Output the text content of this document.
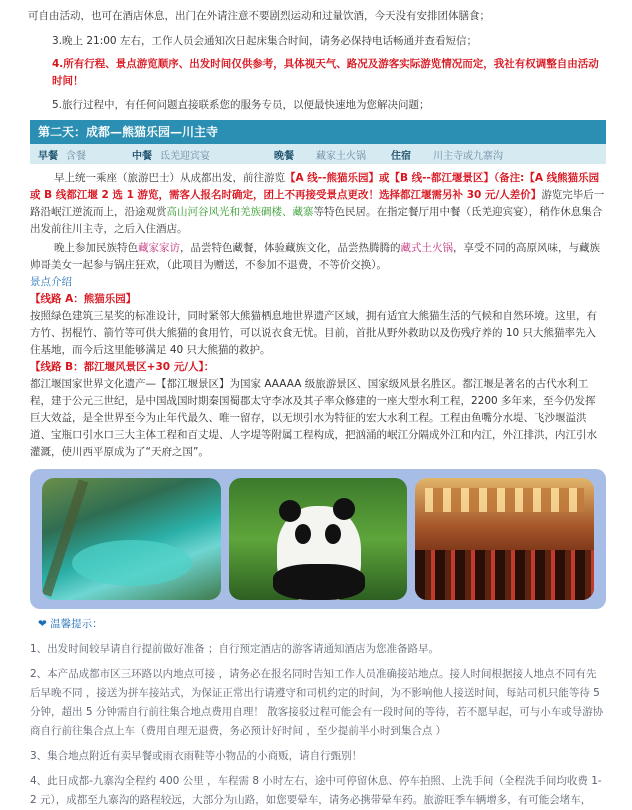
可自由活动，也可在酒店休息，出门在外请注意不要剧烈运动和过量饮酒，今天没有安排团体膳食；

3.晚上 21:00 左右，工作人员会通知次日起床集合时间，请务必保持电话畅通并查看短信；

4.所有行程、景点游览顺序、出发时间仅供参考，具体视天气、路况及游客实际游览情况而定，我社有权调整自由活动时间！

5.旅行过程中，有任何问题直接联系您的服务专员，以便最快速地为您解决问题；

第二天：成都—熊猫乐园—川主寺
早餐 含餐	中餐 氐羌迎宾宴	晚餐 藏家土火锅	住宿 川主寺或九寨沟

早上统一乘座（旅游巴士）从成都出发，前往游览【A 线--熊猫乐园】或【B 线--都江堰景区】（备注:【A 线熊猫乐园或 B 线都江堰 2 选 1 游览，需客人报名时确定，团上不再接受景点更改！选择都江堰需另补 30 元/人差价】游览完毕后一路沿岷江逆流而上，沿途观赏高山河谷风光和羌族碉楼、藏寨等特色民居。在指定餐厅用中餐（氐羌迎宾宴），稍作休息集合出发前往川主寺，之后入住酒店。

晚上参加民族特色藏家家访，品尝特色藏餐，体验藏族文化，品尝热腾腾的藏式土火锅，享受不同的高原风味，与藏族帅哥美女一起参与锅庄狂欢，（此项目为赠送，不参加不退费，不等价交换）。

景点介绍

【线路 A：熊猫乐园】

按照绿色建筑三星奖的标准设计，同时紧邻大熊猫栖息地世界遗产区域，拥有适宜大熊猫生活的气候和自然环境。这里，有方竹、拐棍竹、箭竹等可供大熊猫的食用竹，可以说衣食无忧。目前，首批从野外救助以及伤残疗养的 10 只大熊猫率先入住基地，而今后这里能够满足 40 只大熊猫的救护。

【线路 B：都江堰风景区+30 元/人】：

都江堰国家世界文化遗产—【都江堰景区】为国家 AAAAA 级旅游景区、国家级风景名胜区。都江堰是著名的古代水利工程，建于公元三世纪，是中国战国时期秦国蜀郡太守李冰及其子率众修建的一座大型水利工程，2200 多年来，至今仍发挥巨大效益，是全世界至今为止年代最久、唯一留存，以无坝引水为特征的宏大水利工程。工程由鱼嘴分水堤、飞沙堰溢洪道、宝瓶口引水口三大主体工程和百丈堤、人字堤等附属工程构成，把汹涌的岷江分隔成外江和内江，外江排洪，内江引水灌溉，使川西平原成为了“天府之国”。

❤ 温馨提示：

1、出发时间较早请自行提前做好准备 ；自行预定酒店的游客请通知酒店为您准备路早。

2、本产品成都市区三环路以内地点可接 ，请务必在报名同时告知工作人员准确接站地点。接人时间根据接人地点不同有先后早晚不同 ，接送为拼车接站式，为保证正常出行请遵守和司机约定的时间，为不影响他人接送时间，每站司机只能等待 5 分钟，超出 5 分钟需自行前往集合地点费用自理！ 散客接驳过程可能会有一段时间的等待，若不愿早起，可与小车或导游协商自行前往集合点上车（费用自理无退费，务必预计好时间 ，至少提前半小时到集合点 ）

3、集合地点附近有卖早餐或雨衣雨鞋等小物品的小商贩，请自行甄别！

4、此日成都-九寨沟全程约 400 公里 ，车程需 8 小时左右，途中可停留休息、停车拍照、上洗手间（全程洗手间均收费 1-2 元），成都至九寨沟的路程较远，大部分为山路，如您要晕车，请务必携带晕车药。旅游旺季车辆增多，有可能会堵车，
